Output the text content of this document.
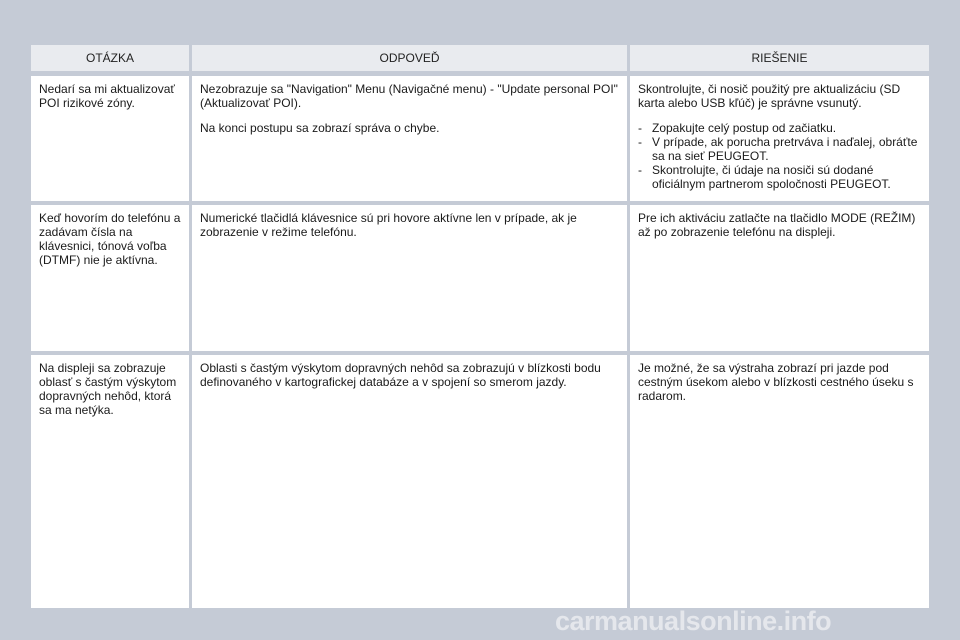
OTÁZKA	ODPOVEĎ	RIEŠENIE
Nedarí sa mi aktualizovať POI rizikové zóny.

Nezobrazuje sa "Navigation" Menu (Navigačné menu) - "Update personal POI" (Aktualizovať POI).

Na konci postupu sa zobrazí správa o chybe.

Skontrolujte, či nosič použitý pre aktualizáciu (SD karta alebo USB kľúč) je správne vsunutý.

- Zopakujte celý postup od začiatku.
- V prípade, ak porucha pretrváva i naďalej, obráťte sa na sieť PEUGEOT.
- Skontrolujte, či údaje na nosiči sú dodané oficiálnym partnerom spoločnosti PEUGEOT.
Keď hovorím do telefónu a zadávam čísla na klávesnici, tónová voľba (DTMF) nie je aktívna.
Numerické tlačidlá klávesnice sú pri hovore aktívne len v prípade, ak je zobrazenie v režime telefónu.
Pre ich aktiváciu zatlačte na tlačidlo MODE (REŽIM) až po zobrazenie telefónu na displeji.
Na displeji sa zobrazuje oblasť s častým výskytom dopravných nehôd, ktorá sa ma netýka.
Oblasti s častým výskytom dopravných nehôd sa zobrazujú v blízkosti bodu definovaného v kartografickej databáze a v spojení so smerom jazdy.
Je možné, že sa výstraha zobrazí pri jazde pod cestným úsekom alebo v blízkosti cestného úseku s radarom.
carmanualsonline.info
